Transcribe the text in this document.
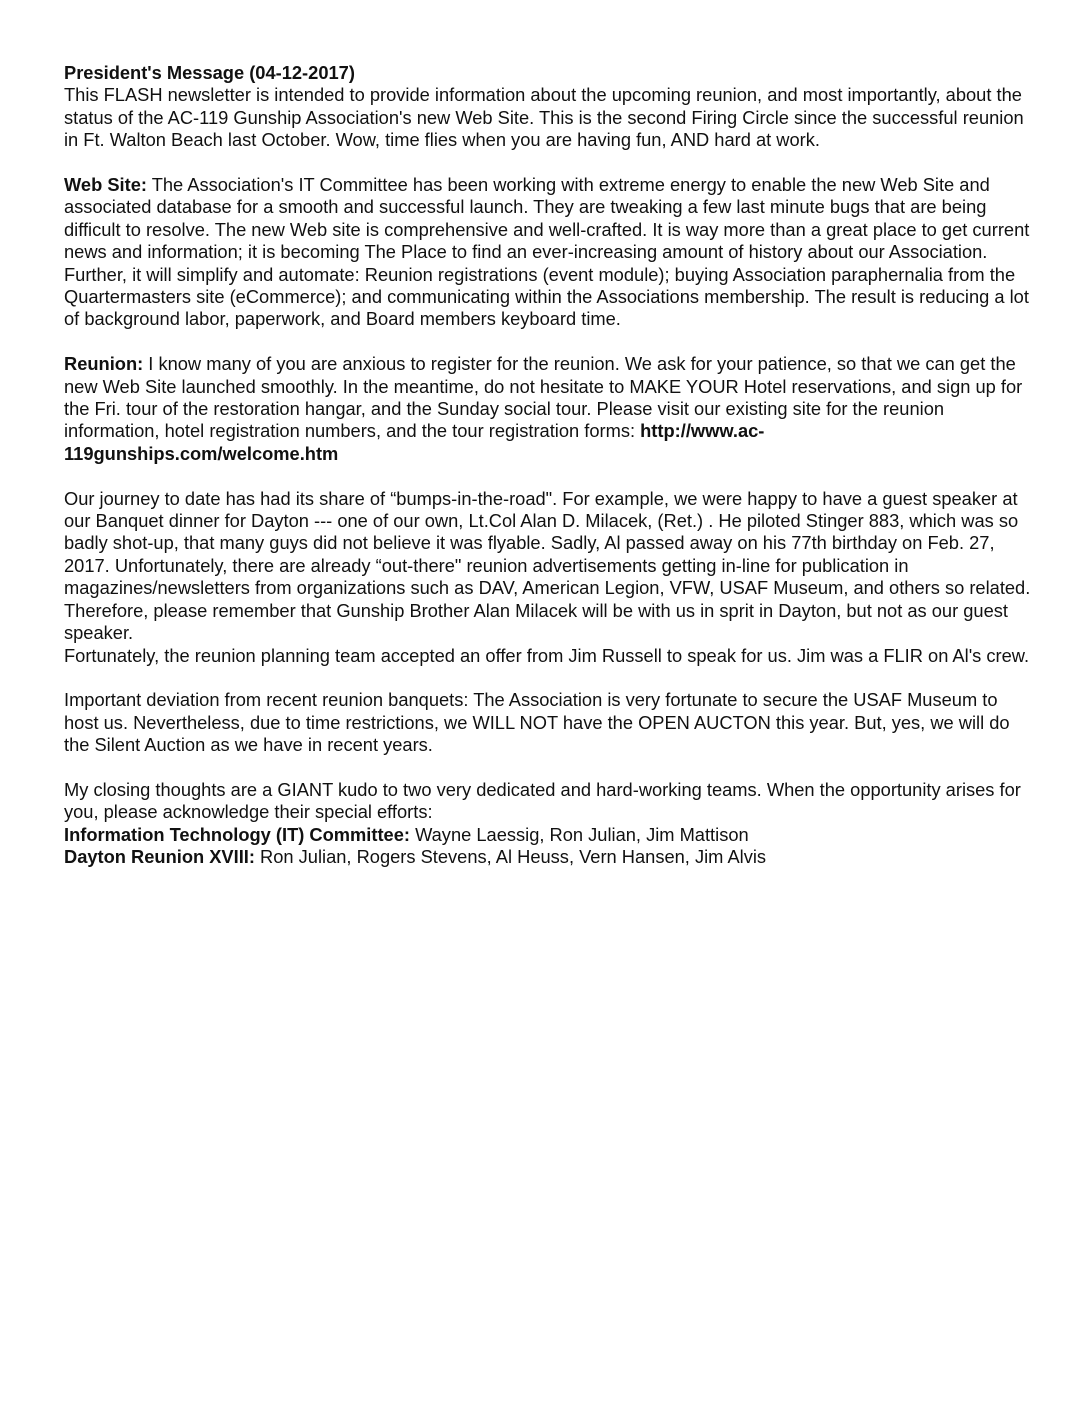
President's Message (04-12-2017)

This FLASH newsletter is intended to provide information about the upcoming reunion, and most importantly, about the status of the AC-119 Gunship Association's new Web Site. This is the second Firing Circle since the successful reunion in Ft. Walton Beach last October. Wow, time flies when you are having fun, AND hard at work.

Web Site: The Association's IT Committee has been working with extreme energy to enable the new Web Site and associated database for a smooth and successful launch. They are tweaking a few last minute bugs that are being difficult to resolve. The new Web site is comprehensive and well-crafted. It is way more than a great place to get current news and information; it is becoming The Place to find an ever-increasing amount of history about our Association. Further, it will simplify and automate: Reunion registrations (event module); buying Association paraphernalia from the Quartermasters site (eCommerce); and communicating within the Associations membership. The result is reducing a lot of background labor, paperwork, and Board members keyboard time.

Reunion: I know many of you are anxious to register for the reunion. We ask for your patience, so that we can get the new Web Site launched smoothly. In the meantime, do not hesitate to MAKE YOUR Hotel reservations, and sign up for the Fri. tour of the restoration hangar, and the Sunday social tour. Please visit our existing site for the reunion information, hotel registration numbers, and the tour registration forms: http://www.ac-119gunships.com/welcome.htm

Our journey to date has had its share of “bumps-in-the-road". For example, we were happy to have a guest speaker at our Banquet dinner for Dayton --- one of our own, Lt.Col Alan D. Milacek, (Ret.) . He piloted Stinger 883, which was so badly shot-up, that many guys did not believe it was flyable. Sadly, Al passed away on his 77th birthday on Feb. 27, 2017. Unfortunately, there are already “out-there" reunion advertisements getting in-line for publication in magazines/newsletters from organizations such as DAV, American Legion, VFW, USAF Museum, and others so related. Therefore, please remember that Gunship Brother Alan Milacek will be with us in sprit in Dayton, but not as our guest speaker.

Fortunately, the reunion planning team accepted an offer from Jim Russell to speak for us. Jim was a FLIR on Al's crew.

Important deviation from recent reunion banquets: The Association is very fortunate to secure the USAF Museum to host us. Nevertheless, due to time restrictions, we WILL NOT have the OPEN AUCTON this year. But, yes, we will do the Silent Auction as we have in recent years.

My closing thoughts are a GIANT kudo to two very dedicated and hard-working teams. When the opportunity arises for you, please acknowledge their special efforts:

Information Technology (IT) Committee: Wayne Laessig, Ron Julian, Jim Mattison

Dayton Reunion XVIII: Ron Julian, Rogers Stevens, Al Heuss, Vern Hansen, Jim Alvis
